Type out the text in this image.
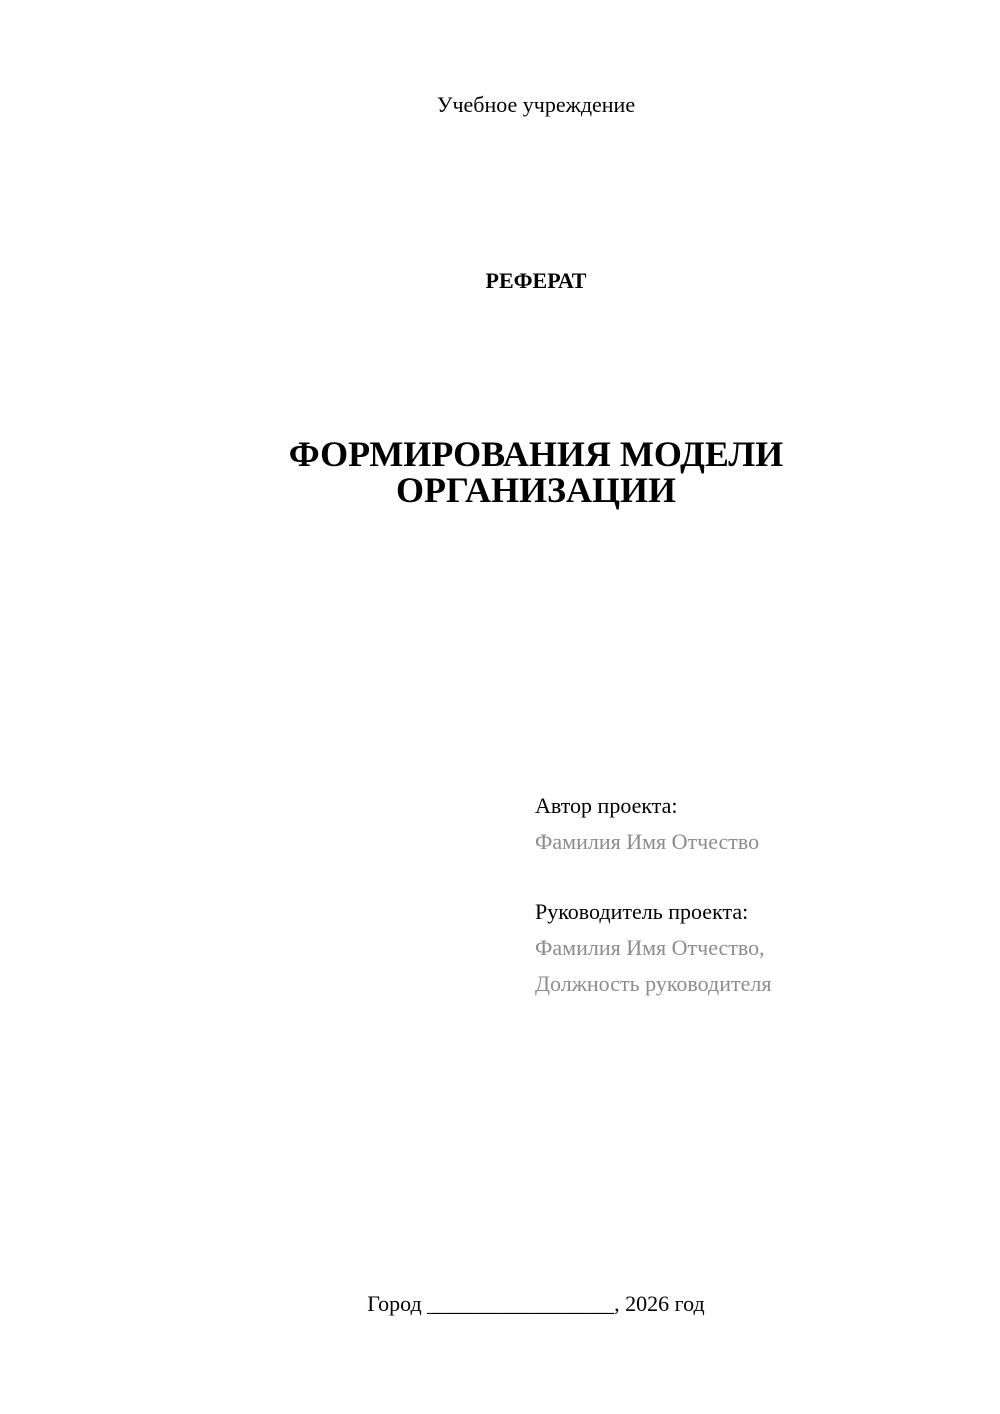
Учебное учреждение
РЕФЕРАТ
ФОРМИРОВАНИЯ МОДЕЛИ
ОРГАНИЗАЦИИ
Автор проекта:
Фамилия Имя Отчество
Руководитель проекта:
Фамилия Имя Отчество,
Должность руководителя
Город _________________, 2026 год
